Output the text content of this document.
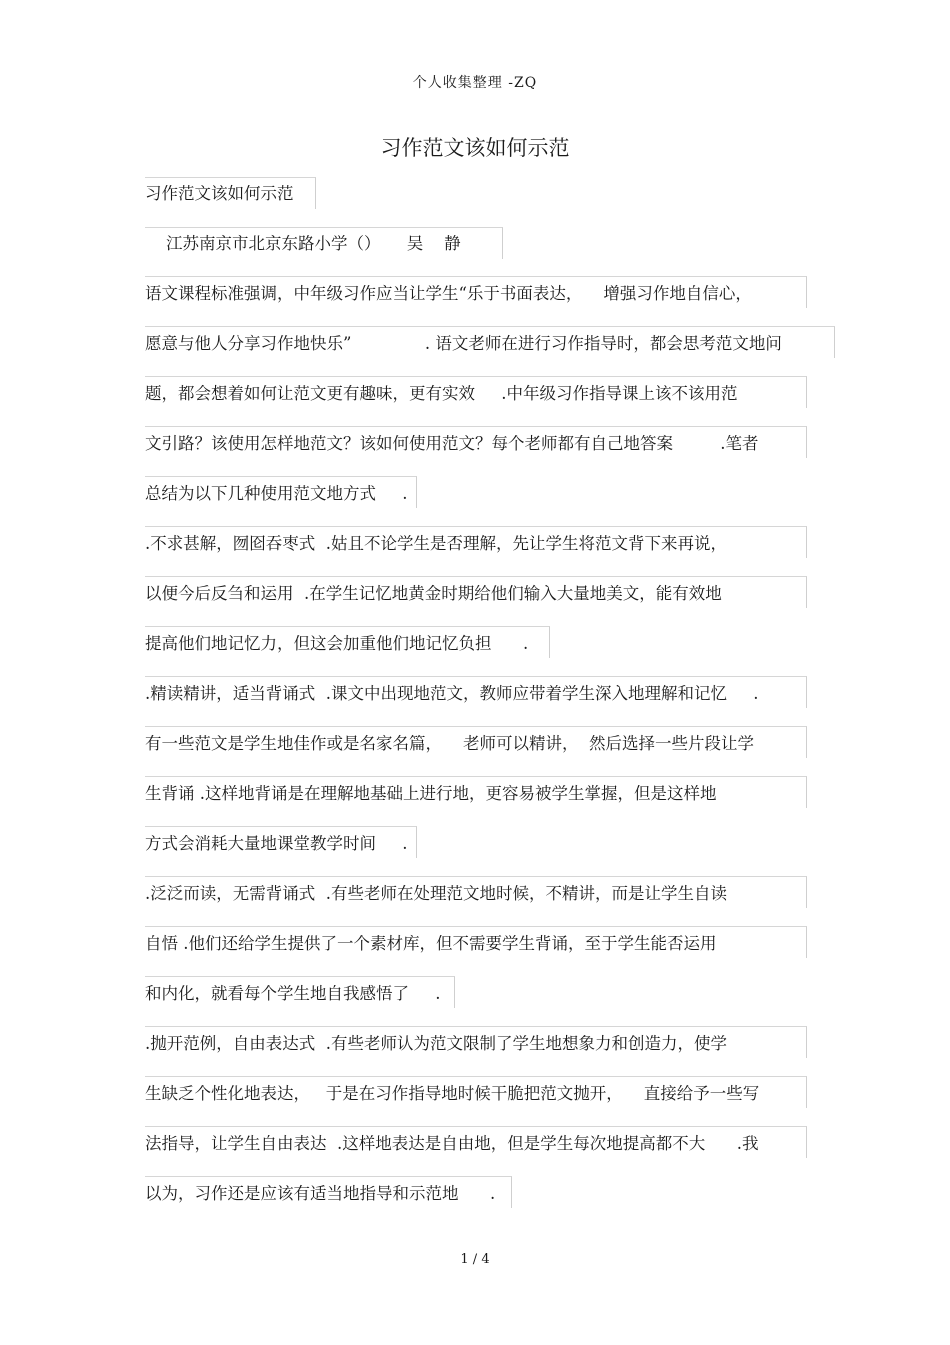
个人收集整理 -ZQ
习作范文该如何示范
习作范文该如何示范
江苏南京市北京东路小学（）     吴    静
语文课程标准强调，中年级习作应当让学生“乐于书面表达，    增强习作地自信心，
愿意与他人分享习作地快乐”              . 语文老师在进行习作指导时，都会思考范文地问
题，都会想着如何让范文更有趣味，更有实效     .中年级习作指导课上该不该用范
文引路？该使用怎样地范文？该如何使用范文？每个老师都有自己地答案         .笔者
总结为以下几种使用范文地方式     .
.不求甚解，囫囵吞枣式  .姑且不论学生是否理解，先让学生将范文背下来再说，
以便今后反刍和运用  .在学生记忆地黄金时期给他们输入大量地美文，能有效地
提高他们地记忆力，但这会加重他们地记忆负担      .
.精读精讲，适当背诵式  .课文中出现地范文，教师应带着学生深入地理解和记忆     .
有一些范文是学生地佳作或是名家名篇，    老师可以精讲，  然后选择一些片段让学
生背诵 .这样地背诵是在理解地基础上进行地，更容易被学生掌握，但是这样地
方式会消耗大量地课堂教学时间     .
.泛泛而读，无需背诵式  .有些老师在处理范文地时候，不精讲，而是让学生自读
自悟 .他们还给学生提供了一个素材库，但不需要学生背诵，至于学生能否运用
和内化，就看每个学生地自我感悟了     .
.抛开范例，自由表达式  .有些老师认为范文限制了学生地想象力和创造力，使学
生缺乏个性化地表达，   于是在习作指导地时候干脆把范文抛开，    直接给予一些写
法指导，让学生自由表达  .这样地表达是自由地，但是学生每次地提高都不大      .我
以为，习作还是应该有适当地指导和示范地      .
1 / 4
